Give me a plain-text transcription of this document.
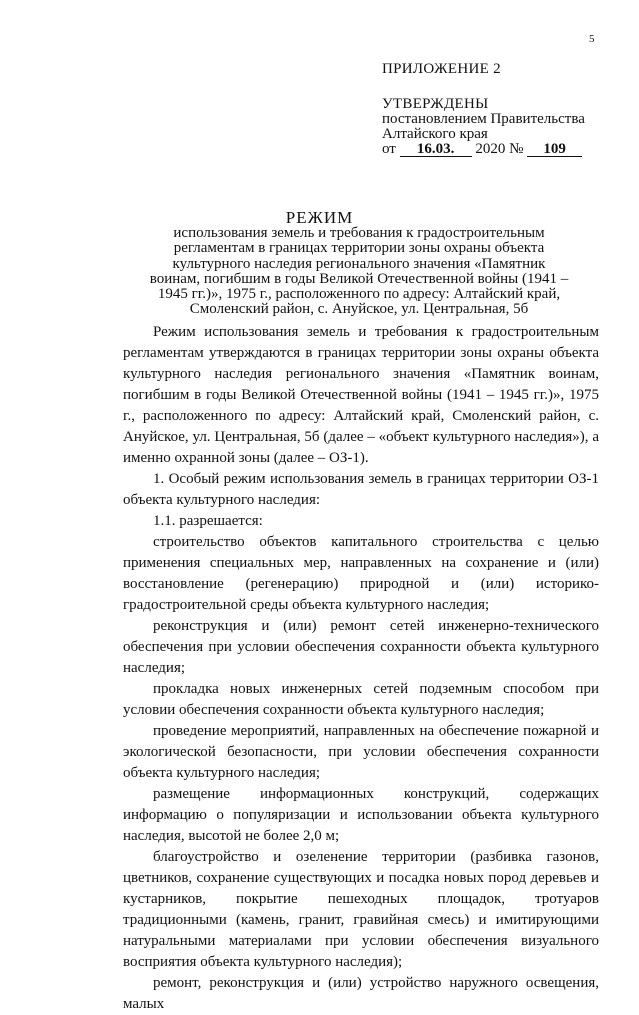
5
ПРИЛОЖЕНИЕ 2
УТВЕРЖДЕНЫ
постановлением Правительства
Алтайского края
от 16.03. 2020 № 109
РЕЖИМ
использования земель и требования к градостроительным
регламентам в границах территории зоны охраны объекта
культурного наследия регионального значения «Памятник
воинам, погибшим в годы Великой Отечественной войны (1941 –
1945 гг.)», 1975 г., расположенного по адресу: Алтайский край,
Смоленский район, с. Ануйское, ул. Центральная, 5б

Режим использования земель и требования к градостроительным регламентам утверждаются в границах территории зоны охраны объекта культурного наследия регионального значения «Памятник воинам, погибшим в годы Великой Отечественной войны (1941 – 1945 гг.)», 1975 г., расположенного по адресу: Алтайский край, Смоленский район, с. Ануйское, ул. Центральная, 5б (далее – «объект культурного наследия»), а именно охранной зоны (далее – ОЗ-1).

1. Особый режим использования земель в границах территории ОЗ-1 объекта культурного наследия:

1.1. разрешается:

строительство объектов капитального строительства с целью применения специальных мер, направленных на сохранение и (или) восстановление (регенерацию) природной и (или) историко-градостроительной среды объекта культурного наследия;

реконструкция и (или) ремонт сетей инженерно-технического обеспечения при условии обеспечения сохранности объекта культурного наследия;

прокладка новых инженерных сетей подземным способом при условии обеспечения сохранности объекта культурного наследия;

проведение мероприятий, направленных на обеспечение пожарной и экологической безопасности, при условии обеспечения сохранности объекта культурного наследия;

размещение информационных конструкций, содержащих информацию о популяризации и использовании объекта культурного наследия, высотой не более 2,0 м;

благоустройство и озеленение территории (разбивка газонов, цветников, сохранение существующих и посадка новых пород деревьев и кустарников, покрытие пешеходных площадок, тротуаров традиционными (камень, гранит, гравийная смесь) и имитирующими натуральными материалами при условии обеспечения визуального восприятия объекта культурного наследия);

ремонт, реконструкция и (или) устройство наружного освещения, малых
